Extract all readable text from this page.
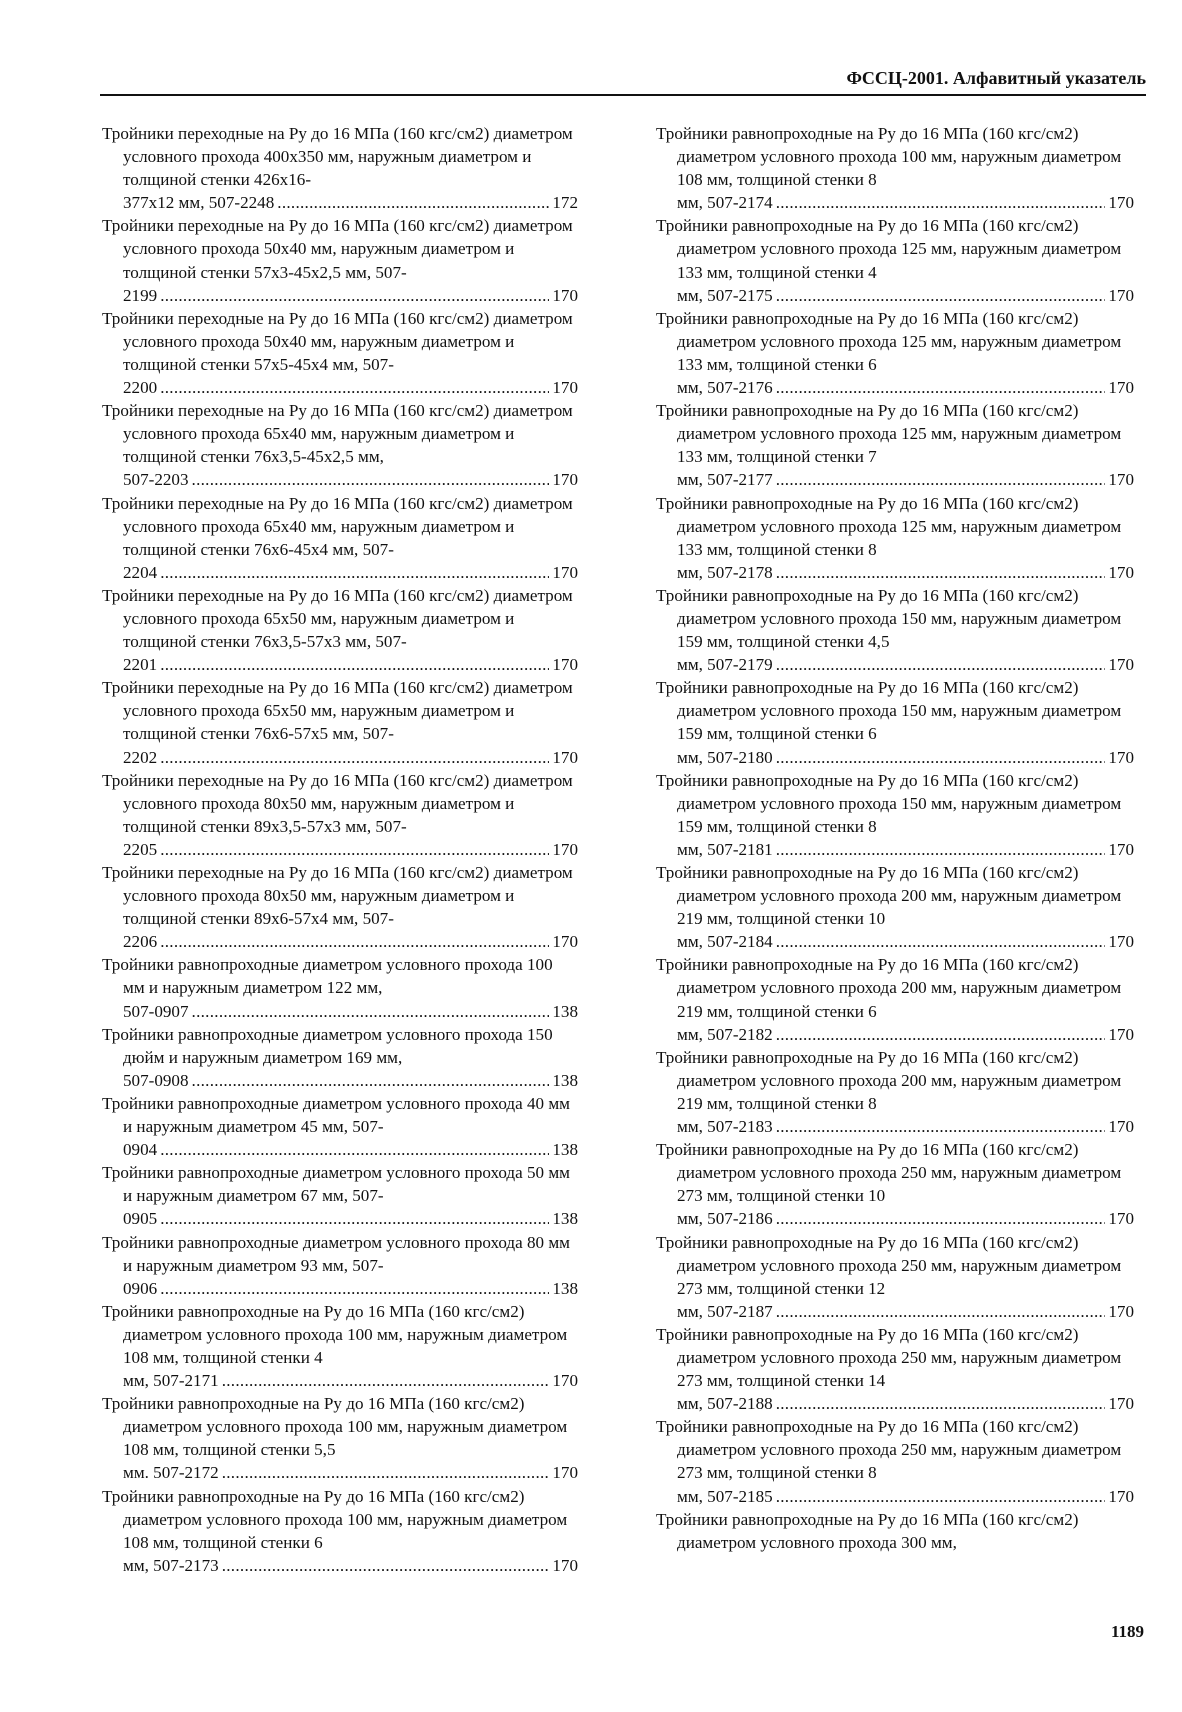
ФССЦ-2001. Алфавитный указатель
Тройники переходные на Ру до 16 МПа (160 кгс/см2) диаметром условного прохода 400х350 мм, наружным диаметром и толщиной стенки 426х16-
377х12 мм, 507-2248 . . .	172
Тройники переходные на Ру до 16 МПа (160 кгс/см2) диаметром условного прохода 50х40 мм, наружным диаметром и толщиной стенки 57х3-45х2,5 мм, 507-
2199 . . .	170
Тройники переходные на Ру до 16 МПа (160 кгс/см2) диаметром условного прохода 50х40 мм, наружным диаметром и толщиной стенки 57х5-45х4 мм, 507-
2200 . . .	170
Тройники переходные на Ру до 16 МПа (160 кгс/см2) диаметром условного прохода 65х40 мм, наружным диаметром и толщиной стенки 76х3,5-45х2,5 мм,
507-2203 . . .	170
Тройники переходные на Ру до 16 МПа (160 кгс/см2) диаметром условного прохода 65х40 мм, наружным диаметром и толщиной стенки 76х6-45х4 мм, 507-
2204 . . .	170
Тройники переходные на Ру до 16 МПа (160 кгс/см2) диаметром условного прохода 65х50 мм, наружным диаметром и толщиной стенки 76х3,5-57х3 мм, 507-
2201 . . .	170
Тройники переходные на Ру до 16 МПа (160 кгс/см2) диаметром условного прохода 65х50 мм, наружным диаметром и толщиной стенки 76х6-57х5 мм, 507-
2202 . . .	170
Тройники переходные на Ру до 16 МПа (160 кгс/см2) диаметром условного прохода 80х50 мм, наружным диаметром и толщиной стенки 89х3,5-57х3 мм, 507-
2205 . . .	170
Тройники переходные на Ру до 16 МПа (160 кгс/см2) диаметром условного прохода 80х50 мм, наружным диаметром и толщиной стенки 89х6-57х4 мм, 507-
2206 . . .	170
Тройники равнопроходные диаметром условного прохода 100 мм и наружным диаметром 122 мм,
507-0907 . . .	138
Тройники равнопроходные диаметром условного прохода 150 дюйм и наружным диаметром 169 мм,
507-0908 . . .	138
Тройники равнопроходные диаметром условного прохода 40 мм и наружным диаметром 45 мм, 507-
0904 . . .	138
Тройники равнопроходные диаметром условного прохода 50 мм и наружным диаметром 67 мм, 507-
0905 . . .	138
Тройники равнопроходные диаметром условного прохода 80 мм и наружным диаметром 93 мм, 507-
0906 . . .	138
Тройники равнопроходные на Ру до 16 МПа (160 кгс/см2) диаметром условного прохода 100 мм, наружным диаметром 108 мм, толщиной стенки 4
мм, 507-2171 . . .	170
Тройники равнопроходные на Ру до 16 МПа (160 кгс/см2) диаметром условного прохода 100 мм, наружным диаметром 108 мм, толщиной стенки 5,5
мм. 507-2172 . . .	170
Тройники равнопроходные на Ру до 16 МПа (160 кгс/см2) диаметром условного прохода 100 мм, наружным диаметром 108 мм, толщиной стенки 6
мм, 507-2173 . . .	170
Тройники равнопроходные на Ру до 16 МПа (160 кгс/см2) диаметром условного прохода 100 мм, наружным диаметром 108 мм, толщиной стенки 8
мм, 507-2174 . . .	170
Тройники равнопроходные на Ру до 16 МПа (160 кгс/см2) диаметром условного прохода 125 мм, наружным диаметром 133 мм, толщиной стенки 4
мм, 507-2175 . . .	170
Тройники равнопроходные на Ру до 16 МПа (160 кгс/см2) диаметром условного прохода 125 мм, наружным диаметром 133 мм, толщиной стенки 6
мм, 507-2176 . . .	170
Тройники равнопроходные на Ру до 16 МПа (160 кгс/см2) диаметром условного прохода 125 мм, наружным диаметром 133 мм, толщиной стенки 7
мм, 507-2177 . . .	170
Тройники равнопроходные на Ру до 16 МПа (160 кгс/см2) диаметром условного прохода 125 мм, наружным диаметром 133 мм, толщиной стенки 8
мм, 507-2178 . . .	170
Тройники равнопроходные на Ру до 16 МПа (160 кгс/см2) диаметром условного прохода 150 мм, наружным диаметром 159 мм, толщиной стенки 4,5
мм, 507-2179 . . .	170
Тройники равнопроходные на Ру до 16 МПа (160 кгс/см2) диаметром условного прохода 150 мм, наружным диаметром 159 мм, толщиной стенки 6
мм, 507-2180 . . .	170
Тройники равнопроходные на Ру до 16 МПа (160 кгс/см2) диаметром условного прохода 150 мм, наружным диаметром 159 мм, толщиной стенки 8
мм, 507-2181 . . .	170
Тройники равнопроходные на Ру до 16 МПа (160 кгс/см2) диаметром условного прохода 200 мм, наружным диаметром 219 мм, толщиной стенки 10
мм, 507-2184 . . .	170
Тройники равнопроходные на Ру до 16 МПа (160 кгс/см2) диаметром условного прохода 200 мм, наружным диаметром 219 мм, толщиной стенки 6
мм, 507-2182 . . .	170
Тройники равнопроходные на Ру до 16 МПа (160 кгс/см2) диаметром условного прохода 200 мм, наружным диаметром 219 мм, толщиной стенки 8
мм, 507-2183 . . .	170
Тройники равнопроходные на Ру до 16 МПа (160 кгс/см2) диаметром условного прохода 250 мм, наружным диаметром 273 мм, толщиной стенки 10
мм, 507-2186 . . .	170
Тройники равнопроходные на Ру до 16 МПа (160 кгс/см2) диаметром условного прохода 250 мм, наружным диаметром 273 мм, толщиной стенки 12
мм, 507-2187 . . .	170
Тройники равнопроходные на Ру до 16 МПа (160 кгс/см2) диаметром условного прохода 250 мм, наружным диаметром 273 мм, толщиной стенки 14
мм, 507-2188 . . .	170
Тройники равнопроходные на Ру до 16 МПа (160 кгс/см2) диаметром условного прохода 250 мм, наружным диаметром 273 мм, толщиной стенки 8
мм, 507-2185 . . .	170
Тройники равнопроходные на Ру до 16 МПа (160 кгс/см2) диаметром условного прохода 300 мм,
1189
